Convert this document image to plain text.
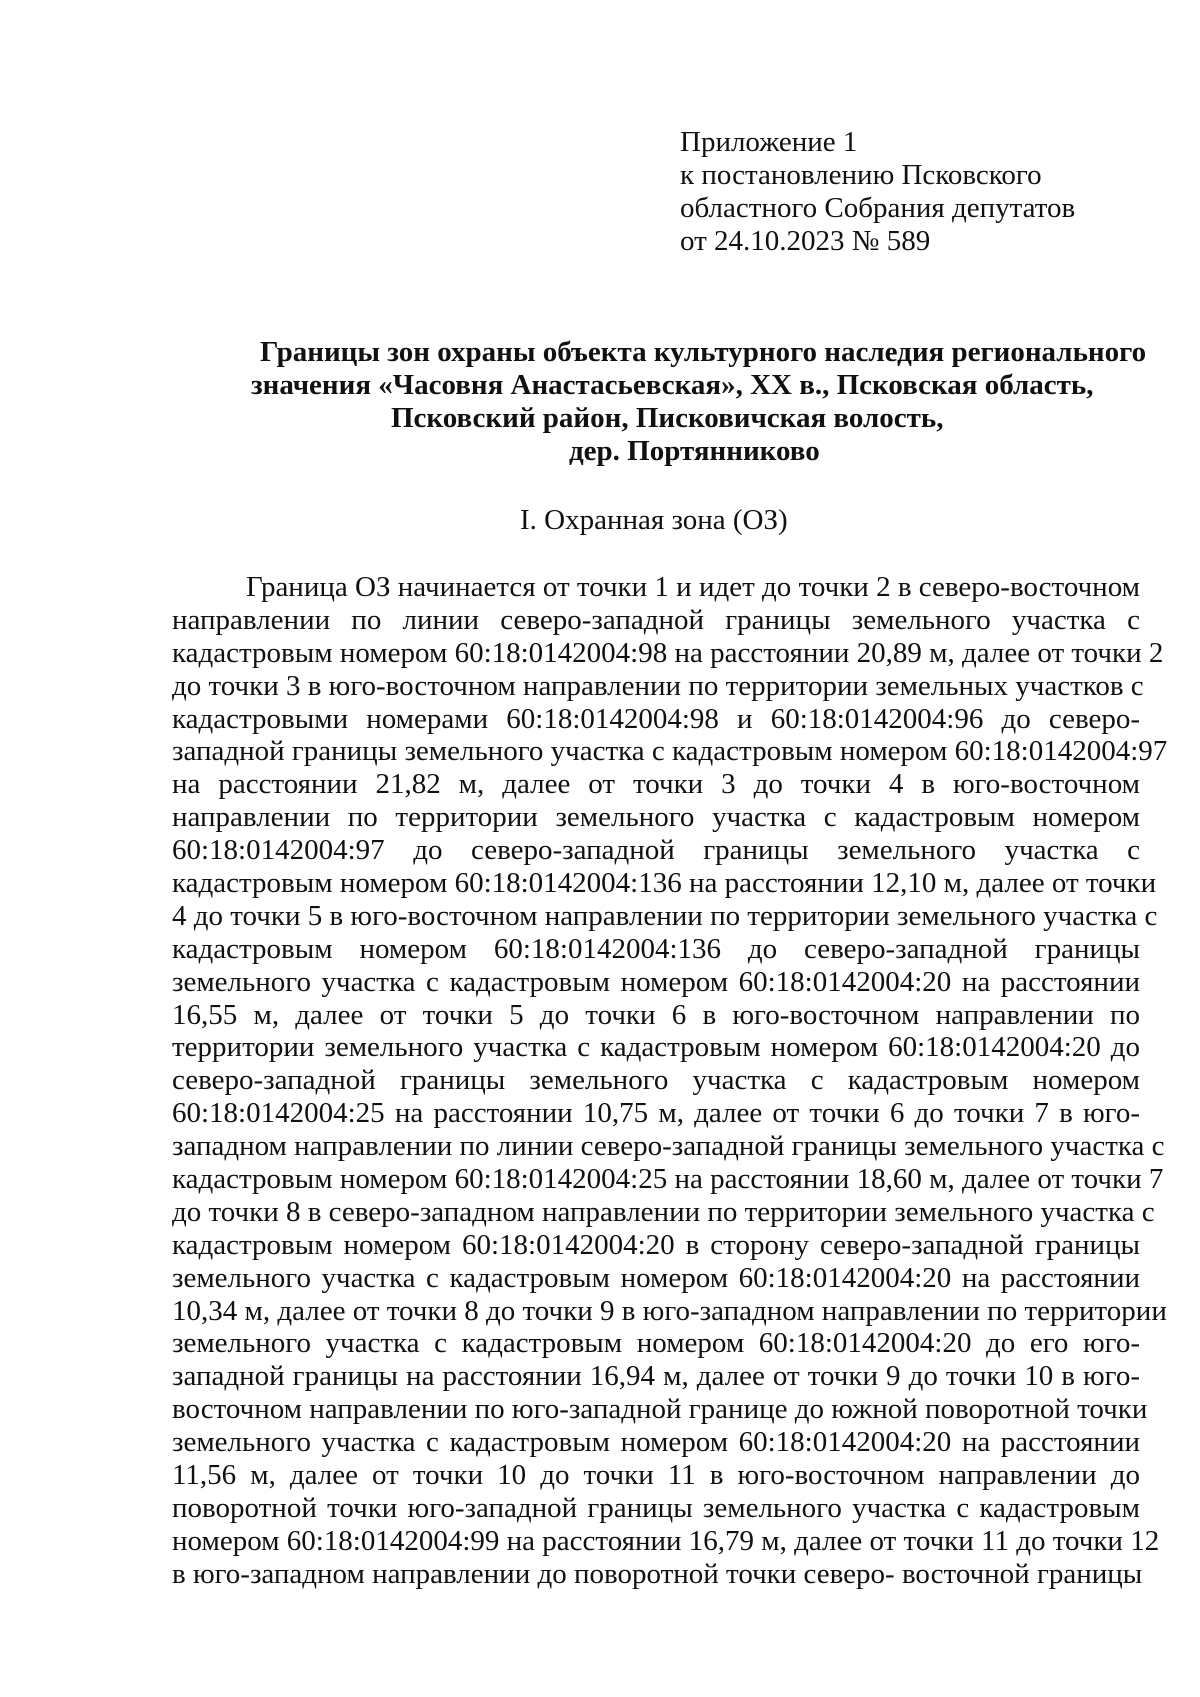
Приложение 1
к постановлению Псковского
областного Собрания депутатов
от 24.10.2023 № 589
Границы зон охраны объекта культурного наследия регионального
значения «Часовня Анастасьевская», XX в., Псковская область,
Псковский район, Писковичская волость,
дер. Портянниково
I. Охранная зона (ОЗ)
Граница ОЗ начинается от точки 1 и идет до точки 2 в северо-восточном
направлении по линии северо-западной границы земельного участка с
кадастровым номером 60:18:0142004:98 на расстоянии 20,89 м, далее от точки 2
до точки 3 в юго-восточном направлении по территории земельных участков с
кадастровыми номерами 60:18:0142004:98 и 60:18:0142004:96 до северо-
западной границы земельного участка с кадастровым номером 60:18:0142004:97
на расстоянии 21,82 м, далее от точки 3 до точки 4 в юго-восточном
направлении по территории земельного участка с кадастровым номером
60:18:0142004:97 до северо-западной границы земельного участка с
кадастровым номером 60:18:0142004:136 на расстоянии 12,10 м, далее от точки
4 до точки 5 в юго-восточном направлении по территории земельного участка с
кадастровым номером 60:18:0142004:136 до северо-западной границы
земельного участка с кадастровым номером 60:18:0142004:20 на расстоянии
16,55 м, далее от точки 5 до точки 6 в юго-восточном направлении по
территории земельного участка с кадастровым номером 60:18:0142004:20 до
северо-западной границы земельного участка с кадастровым номером
60:18:0142004:25 на расстоянии 10,75 м, далее от точки 6 до точки 7 в юго-
западном направлении по линии северо-западной границы земельного участка с
кадастровым номером 60:18:0142004:25 на расстоянии 18,60 м, далее от точки 7
до точки 8 в северо-западном направлении по территории земельного участка с
кадастровым номером 60:18:0142004:20 в сторону северо-западной границы
земельного участка с кадастровым номером 60:18:0142004:20 на расстоянии
10,34 м, далее от точки 8 до точки 9 в юго-западном направлении по территории
земельного участка с кадастровым номером 60:18:0142004:20 до его юго-
западной границы на расстоянии 16,94 м, далее от точки 9 до точки 10 в юго-
восточном направлении по юго-западной границе до южной поворотной точки
земельного участка с кадастровым номером 60:18:0142004:20 на расстоянии
11,56 м, далее от точки 10 до точки 11 в юго-восточном направлении до
поворотной точки юго-западной границы земельного участка с кадастровым
номером 60:18:0142004:99 на расстоянии 16,79 м, далее от точки 11 до точки 12
в юго-западном направлении до поворотной точки северо- восточной границы
